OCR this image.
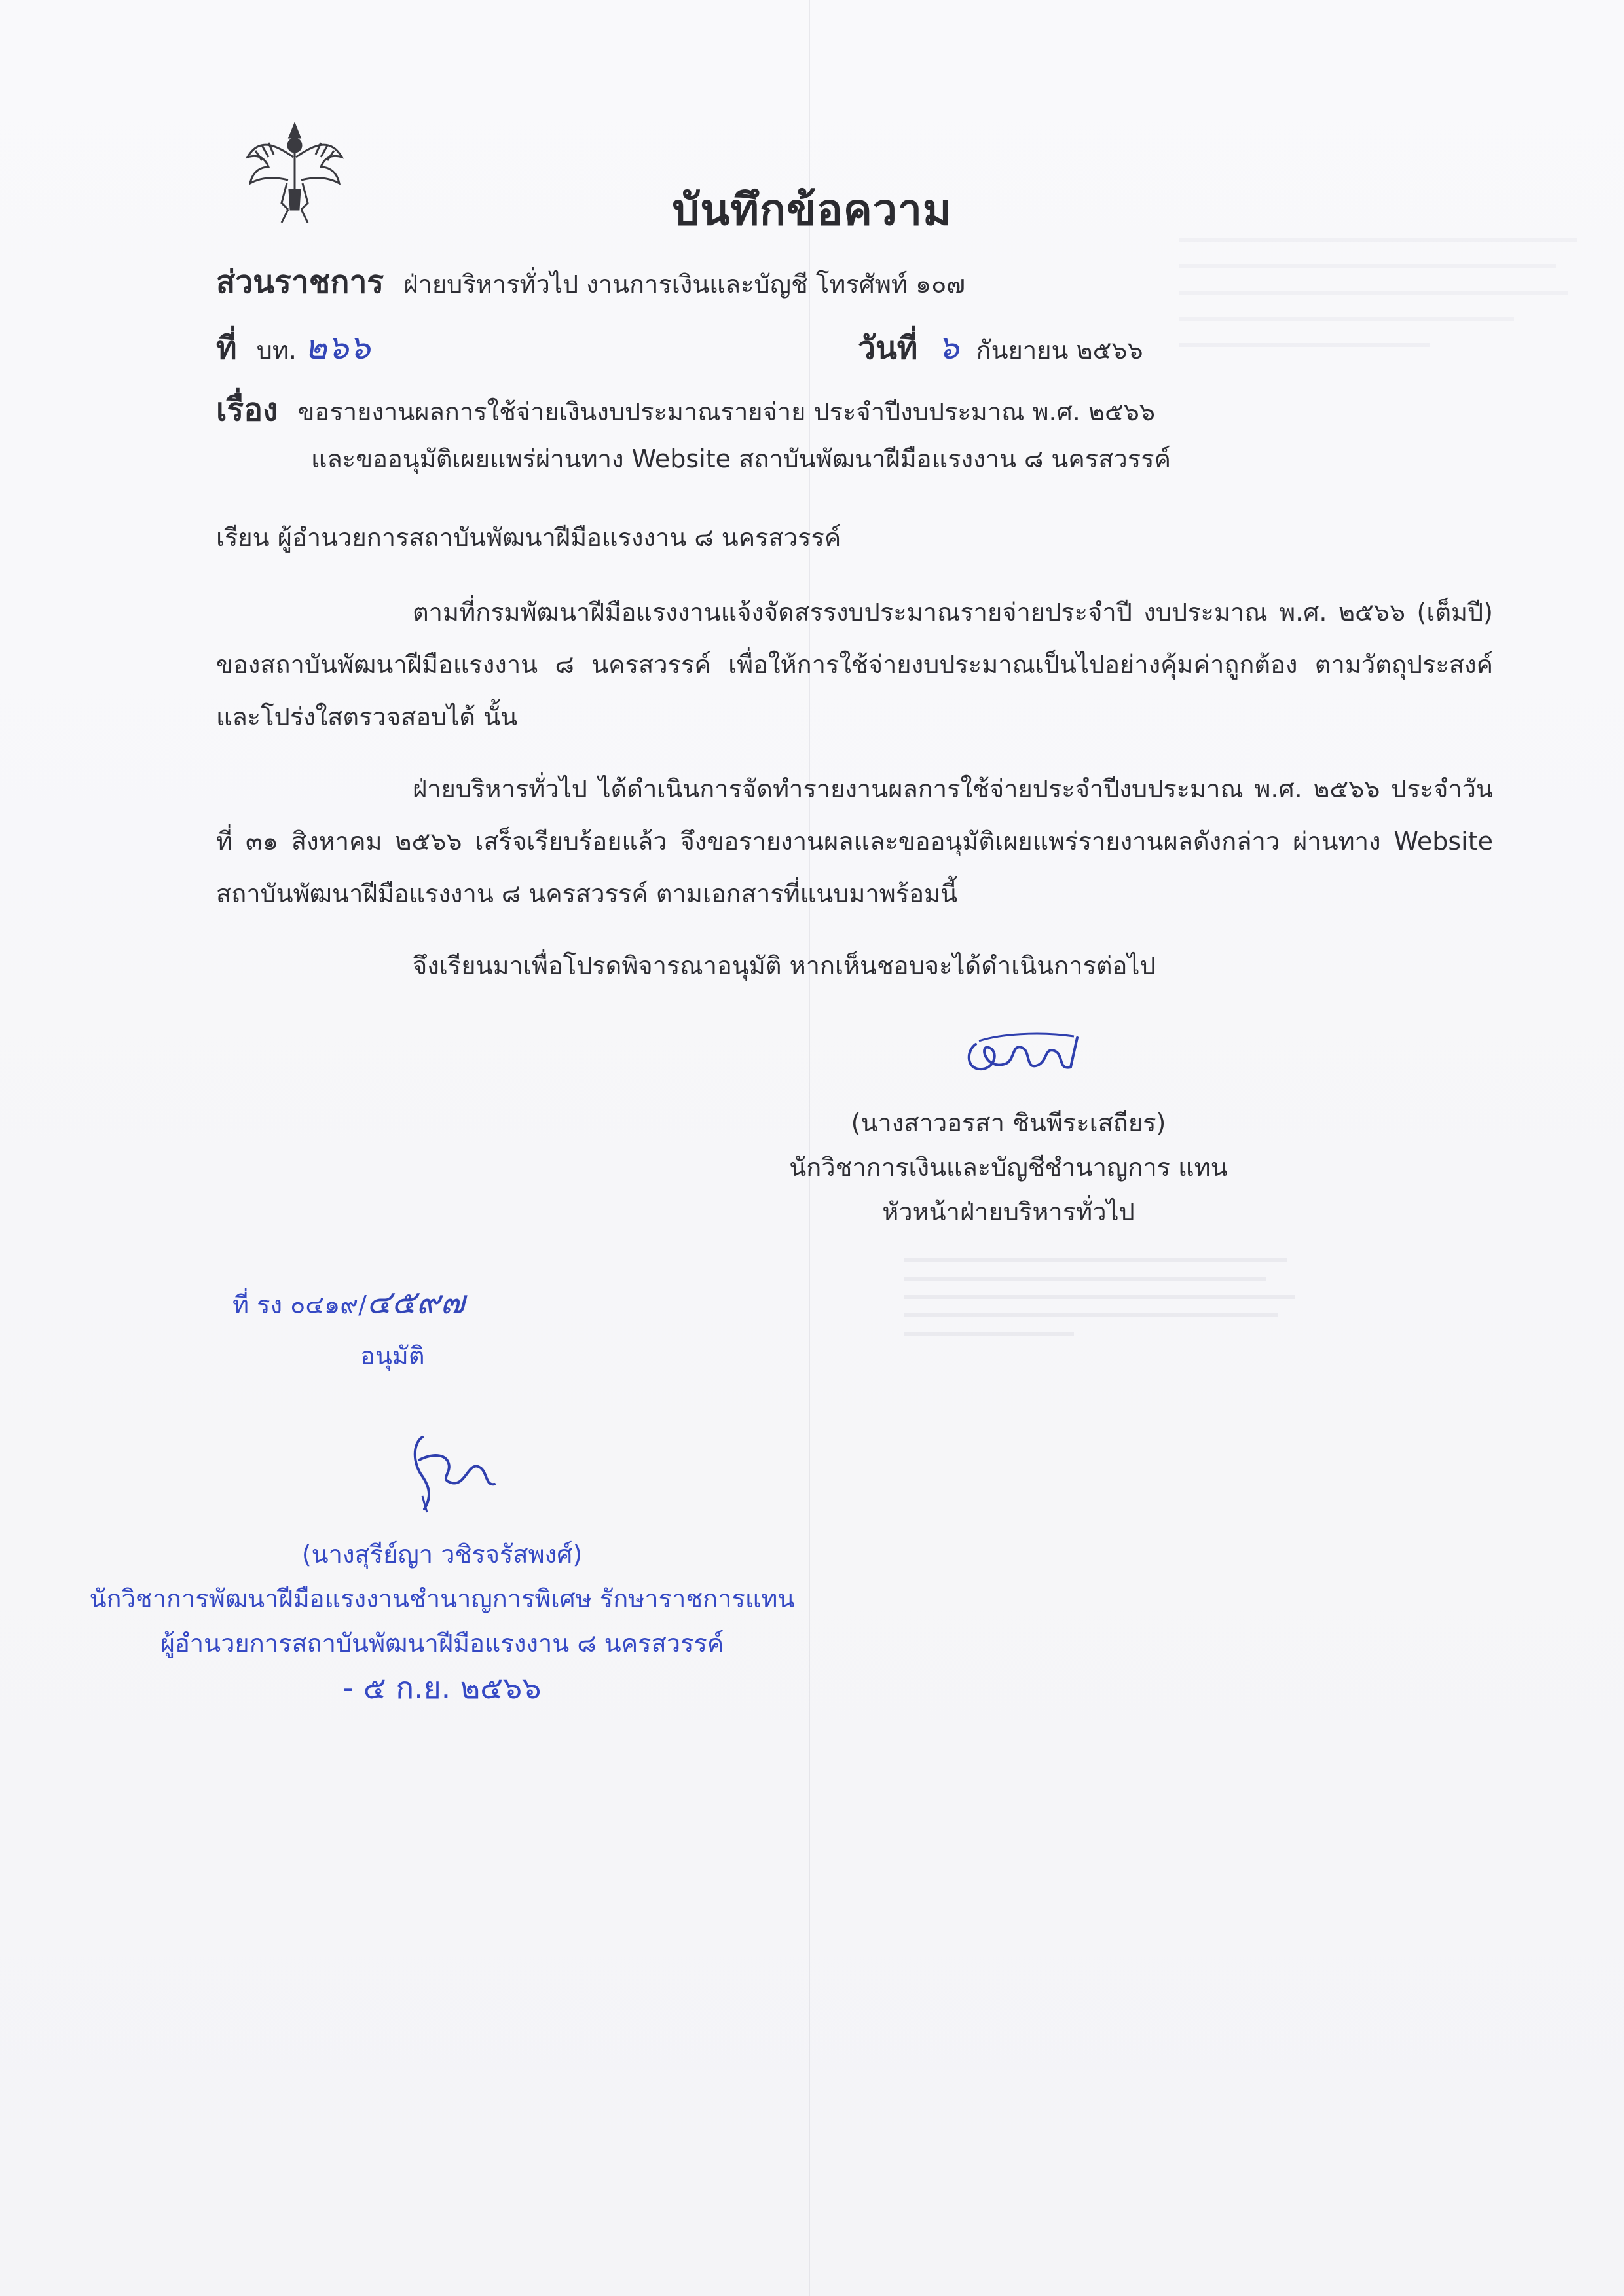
บันทึกข้อความ
ส่วนราชการ ฝ่ายบริหารทั่วไป งานการเงินและบัญชี โทรศัพท์ ๑๐๗
ที่ บท. ๒๖๖	วันที่ ๖ กันยายน ๒๕๖๖
เรื่อง ขอรายงานผลการใช้จ่ายเงินงบประมาณรายจ่าย ประจำปีงบประมาณ พ.ศ. ๒๕๖๖
และขออนุมัติเผยแพร่ผ่านทาง Website สถาบันพัฒนาฝีมือแรงงาน ๘ นครสวรรค์
เรียน ผู้อำนวยการสถาบันพัฒนาฝีมือแรงงาน ๘ นครสวรรค์

ตามที่กรมพัฒนาฝีมือแรงงานแจ้งจัดสรรงบประมาณรายจ่ายประจำปี งบประมาณ พ.ศ. ๒๕๖๖ (เต็มปี) ของสถาบันพัฒนาฝีมือแรงงาน ๘ นครสวรรค์ เพื่อให้การใช้จ่ายงบประมาณเป็นไปอย่างคุ้มค่าถูกต้อง ตามวัตถุประสงค์และโปร่งใสตรวจสอบได้ นั้น

ฝ่ายบริหารทั่วไป ได้ดำเนินการจัดทำรายงานผลการใช้จ่ายประจำปีงบประมาณ พ.ศ. ๒๕๖๖ ประจำวันที่ ๓๑ สิงหาคม ๒๕๖๖ เสร็จเรียบร้อยแล้ว จึงขอรายงานผลและขออนุมัติเผยแพร่รายงานผลดังกล่าว ผ่านทาง Website สถาบันพัฒนาฝีมือแรงงาน ๘ นครสวรรค์ ตามเอกสารที่แนบมาพร้อมนี้

จึงเรียนมาเพื่อโปรดพิจารณาอนุมัติ หากเห็นชอบจะได้ดำเนินการต่อไป

(นางสาวอรสา ชินพีระเสถียร)
นักวิชาการเงินและบัญชีชำนาญการ แทน
หัวหน้าฝ่ายบริหารทั่วไป
ที่ รง ๐๔๑๙/๔๕๙๗
อนุมัติ
(นางสุรีย์ญา วชิรจรัสพงศ์)
นักวิชาการพัฒนาฝีมือแรงงานชำนาญการพิเศษ รักษาราชการแทน
ผู้อำนวยการสถาบันพัฒนาฝีมือแรงงาน ๘ นครสวรรค์
- ๕ ก.ย. ๒๕๖๖
